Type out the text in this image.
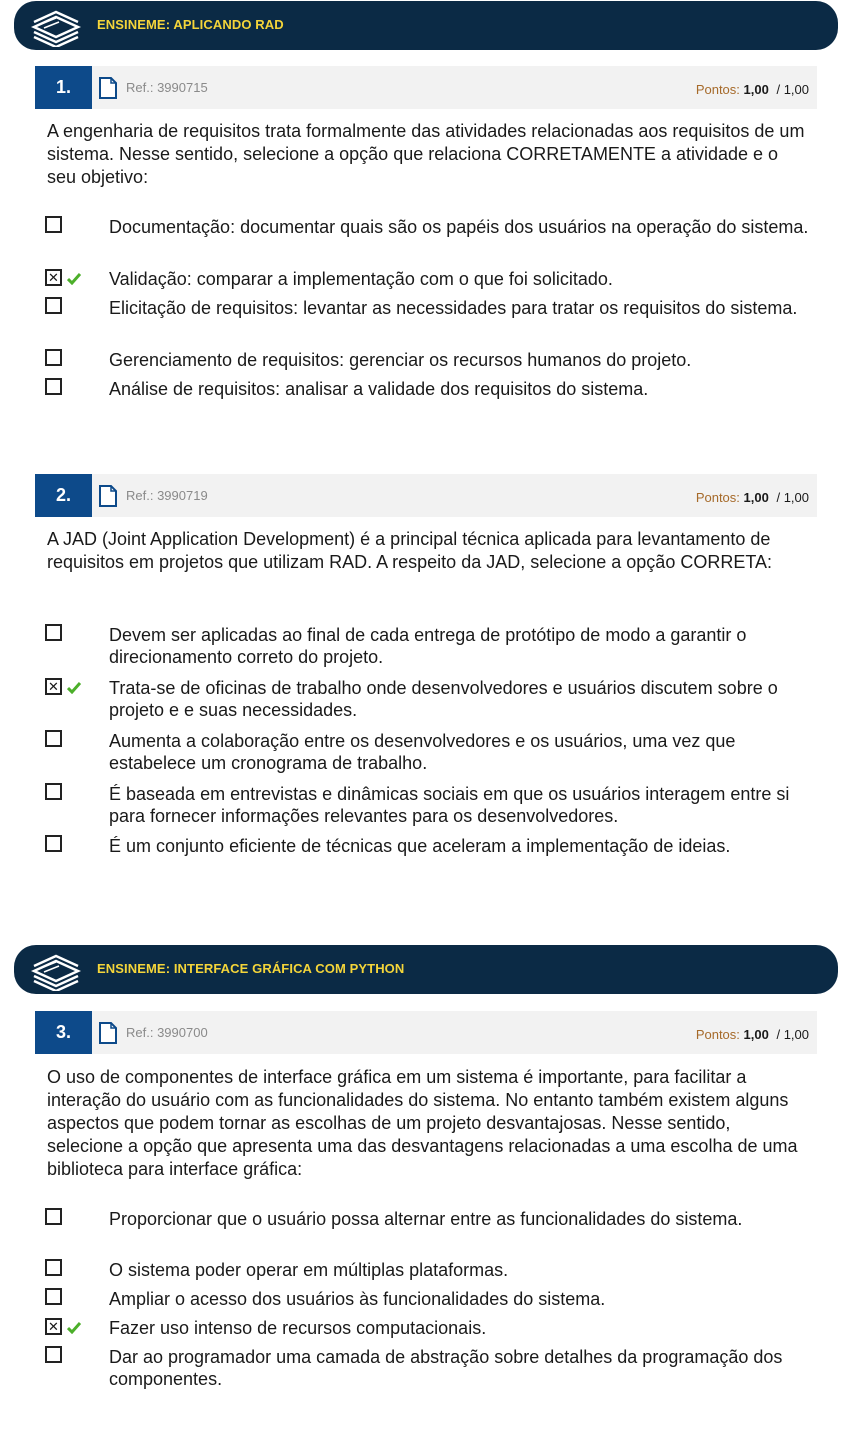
ENSINEME: APLICANDO RAD
1.	Ref.: 3990715	Pontos: 1,00 / 1,00
A engenharia de requisitos trata formalmente das atividades relacionadas aos requisitos de um sistema. Nesse sentido, selecione a opção que relaciona CORRETAMENTE a atividade e o seu objetivo:
Documentação: documentar quais são os papéis dos usuários na operação do sistema.
✕	Validação: comparar a implementação com o que foi solicitado.
Elicitação de requisitos: levantar as necessidades para tratar os requisitos do sistema.
Gerenciamento de requisitos: gerenciar os recursos humanos do projeto.
Análise de requisitos: analisar a validade dos requisitos do sistema.
2.	Ref.: 3990719	Pontos: 1,00 / 1,00
A JAD (Joint Application Development) é a principal técnica aplicada para levantamento de requisitos em projetos que utilizam RAD. A respeito da JAD, selecione a opção CORRETA:
Devem ser aplicadas ao final de cada entrega de protótipo de modo a garantir o direcionamento correto do projeto.
✕	Trata-se de oficinas de trabalho onde desenvolvedores e usuários discutem sobre o projeto e e suas necessidades.
Aumenta a colaboração entre os desenvolvedores e os usuários, uma vez que estabelece um cronograma de trabalho.
É baseada em entrevistas e dinâmicas sociais em que os usuários interagem entre si para fornecer informações relevantes para os desenvolvedores.
É um conjunto eficiente de técnicas que aceleram a implementação de ideias.
ENSINEME: INTERFACE GRÁFICA COM PYTHON
3.	Ref.: 3990700	Pontos: 1,00 / 1,00
O uso de componentes de interface gráfica em um sistema é importante, para facilitar a interação do usuário com as funcionalidades do sistema. No entanto também existem alguns aspectos que podem tornar as escolhas de um projeto desvantajosas. Nesse sentido, selecione a opção que apresenta uma das desvantagens relacionadas a uma escolha de uma biblioteca para interface gráfica:
Proporcionar que o usuário possa alternar entre as funcionalidades do sistema.
O sistema poder operar em múltiplas plataformas.
Ampliar o acesso dos usuários às funcionalidades do sistema.
✕	Fazer uso intenso de recursos computacionais.
Dar ao programador uma camada de abstração sobre detalhes da programação dos componentes.
